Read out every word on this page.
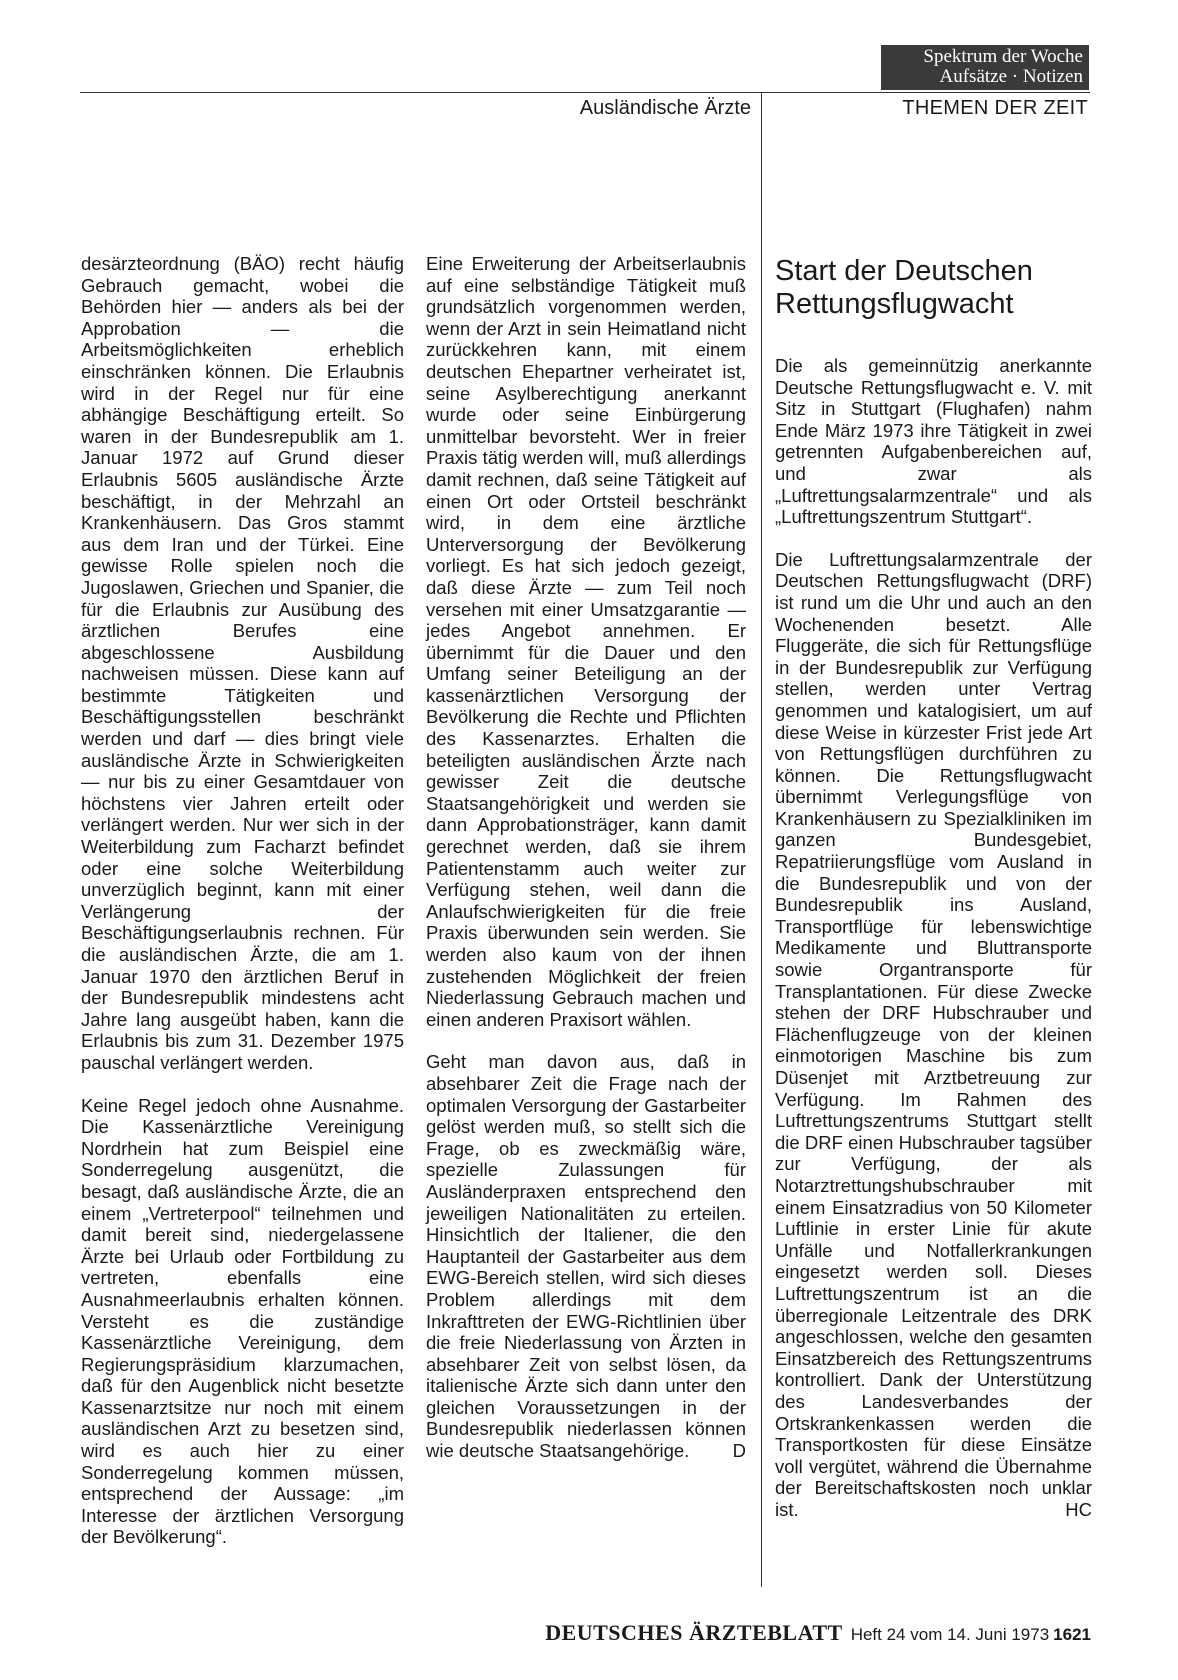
Spektrum der Woche
Aufsätze · Notizen
Ausländische Ärzte	THEMEN DER ZEIT

desärzteordnung (BÄO) recht häufig Gebrauch gemacht, wobei die Behörden hier — anders als bei der Approbation — die Arbeitsmöglichkeiten erheblich einschränken können. Die Erlaubnis wird in der Regel nur für eine abhängige Beschäftigung erteilt. So waren in der Bundesrepublik am 1. Januar 1972 auf Grund dieser Erlaubnis 5605 ausländische Ärzte beschäftigt, in der Mehrzahl an Krankenhäusern. Das Gros stammt aus dem Iran und der Türkei. Eine gewisse Rolle spielen noch die Jugoslawen, Griechen und Spanier, die für die Erlaubnis zur Ausübung des ärztlichen Berufes eine abgeschlossene Ausbildung nachweisen müssen. Diese kann auf bestimmte Tätigkeiten und Beschäftigungsstellen beschränkt werden und darf — dies bringt viele ausländische Ärzte in Schwierigkeiten — nur bis zu einer Gesamtdauer von höchstens vier Jahren erteilt oder verlängert werden. Nur wer sich in der Weiterbildung zum Facharzt befindet oder eine solche Weiterbildung unverzüglich beginnt, kann mit einer Verlängerung der Beschäftigungserlaubnis rechnen. Für die ausländischen Ärzte, die am 1. Januar 1970 den ärztlichen Beruf in der Bundesrepublik mindestens acht Jahre lang ausgeübt haben, kann die Erlaubnis bis zum 31. Dezember 1975 pauschal verlängert werden.

Keine Regel jedoch ohne Ausnahme. Die Kassenärztliche Vereinigung Nordrhein hat zum Beispiel eine Sonderregelung ausgenützt, die besagt, daß ausländische Ärzte, die an einem „Vertreterpool“ teilnehmen und damit bereit sind, niedergelassene Ärzte bei Urlaub oder Fortbildung zu vertreten, ebenfalls eine Ausnahmeerlaubnis erhalten können. Versteht es die zuständige Kassenärztliche Vereinigung, dem Regierungspräsidium klarzumachen, daß für den Augenblick nicht besetzte Kassenarztsitze nur noch mit einem ausländischen Arzt zu besetzen sind, wird es auch hier zu einer Sonderregelung kommen müssen, entsprechend der Aussage: „im Interesse der ärztlichen Versorgung der Bevölkerung“.

Eine Erweiterung der Arbeitserlaubnis auf eine selbständige Tätigkeit muß grundsätzlich vorgenommen werden, wenn der Arzt in sein Heimatland nicht zurückkehren kann, mit einem deutschen Ehepartner verheiratet ist, seine Asylberechtigung anerkannt wurde oder seine Einbürgerung unmittelbar bevorsteht. Wer in freier Praxis tätig werden will, muß allerdings damit rechnen, daß seine Tätigkeit auf einen Ort oder Ortsteil beschränkt wird, in dem eine ärztliche Unterversorgung der Bevölkerung vorliegt. Es hat sich jedoch gezeigt, daß diese Ärzte — zum Teil noch versehen mit einer Umsatzgarantie — jedes Angebot annehmen. Er übernimmt für die Dauer und den Umfang seiner Beteiligung an der kassenärztlichen Versorgung der Bevölkerung die Rechte und Pflichten des Kassenarztes. Erhalten die beteiligten ausländischen Ärzte nach gewisser Zeit die deutsche Staatsangehörigkeit und werden sie dann Approbationsträger, kann damit gerechnet werden, daß sie ihrem Patientenstamm auch weiter zur Verfügung stehen, weil dann die Anlaufschwierigkeiten für die freie Praxis überwunden sein werden. Sie werden also kaum von der ihnen zustehenden Möglichkeit der freien Niederlassung Gebrauch machen und einen anderen Praxisort wählen.

Geht man davon aus, daß in absehbarer Zeit die Frage nach der optimalen Versorgung der Gastarbeiter gelöst werden muß, so stellt sich die Frage, ob es zweckmäßig wäre, spezielle Zulassungen für Ausländerpraxen entsprechend den jeweiligen Nationalitäten zu erteilen. Hinsichtlich der Italiener, die den Hauptanteil der Gastarbeiter aus dem EWG-Bereich stellen, wird sich dieses Problem allerdings mit dem Inkrafttreten der EWG-Richtlinien über die freie Niederlassung von Ärzten in absehbarer Zeit von selbst lösen, da italienische Ärzte sich dann unter den gleichen Voraussetzungen in der Bundesrepublik niederlassen können wie deutsche Staatsangehörige. D

Start der Deutschen Rettungsflugwacht

Die als gemeinnützig anerkannte Deutsche Rettungsflugwacht e. V. mit Sitz in Stuttgart (Flughafen) nahm Ende März 1973 ihre Tätigkeit in zwei getrennten Aufgabenbereichen auf, und zwar als „Luftrettungsalarmzentrale“ und als „Luftrettungszentrum Stuttgart“.

Die Luftrettungsalarmzentrale der Deutschen Rettungsflugwacht (DRF) ist rund um die Uhr und auch an den Wochenenden besetzt. Alle Fluggeräte, die sich für Rettungsflüge in der Bundesrepublik zur Verfügung stellen, werden unter Vertrag genommen und katalogisiert, um auf diese Weise in kürzester Frist jede Art von Rettungsflügen durchführen zu können. Die Rettungsflugwacht übernimmt Verlegungsflüge von Krankenhäusern zu Spezialkliniken im ganzen Bundesgebiet, Repatriierungsflüge vom Ausland in die Bundesrepublik und von der Bundesrepublik ins Ausland, Transportflüge für lebenswichtige Medikamente und Bluttransporte sowie Organtransporte für Transplantationen. Für diese Zwecke stehen der DRF Hubschrauber und Flächenflugzeuge von der kleinen einmotorigen Maschine bis zum Düsenjet mit Arztbetreuung zur Verfügung. Im Rahmen des Luftrettungszentrums Stuttgart stellt die DRF einen Hubschrauber tagsüber zur Verfügung, der als Notarztrettungshubschrauber mit einem Einsatzradius von 50 Kilometer Luftlinie in erster Linie für akute Unfälle und Notfallerkrankungen eingesetzt werden soll. Dieses Luftrettungszentrum ist an die überregionale Leitzentrale des DRK angeschlossen, welche den gesamten Einsatzbereich des Rettungszentrums kontrolliert. Dank der Unterstützung des Landesverbandes der Ortskrankenkassen werden die Transportkosten für diese Einsätze voll vergütet, während die Übernahme der Bereitschaftskosten noch unklar ist.	HC

DEUTSCHES ÄRZTEBLATT Heft 24 vom 14. Juni 1973 1621
